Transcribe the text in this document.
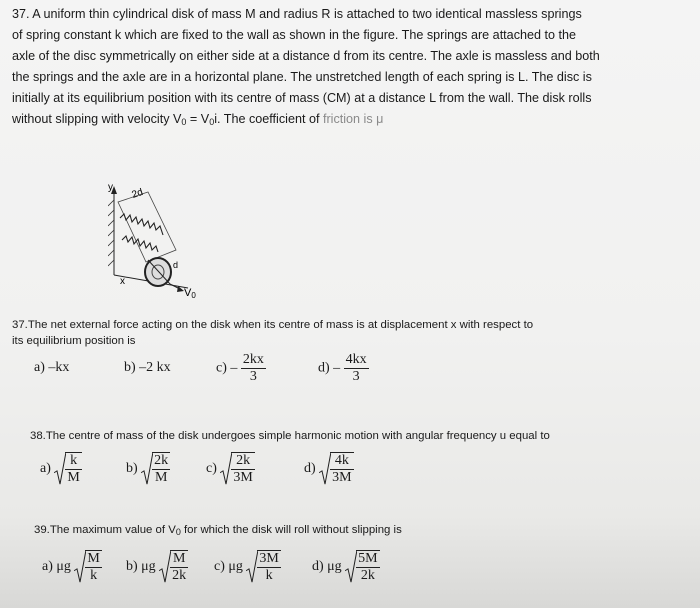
37. A uniform thin cylindrical disk of mass M and radius R is attached to two identical massless springs
of spring constant k which are fixed to the wall as shown in the figure. The springs are attached to the
axle of the disc symmetrically on either side at a distance d from its centre. The axle is massless and both
the springs and the axle are in a horizontal plane. The unstretched length of each spring is L. The disc is
initially at its equilibrium position with its centre of mass (CM) at a distance L from the wall. The disk rolls
without slipping with velocity $V_0 = V_0i$. The coefficient of friction is μ
y 2d
d
x
V0
37.The net external force acting on the disk when its centre of mass is at displacement x with respect to
its equilibrium position is
a) –kx	b) –2 kx	$c) - \frac{2kx}{3}$	$d) - \frac{4kx}{3}$
38.The centre of mass of the disk undergoes simple harmonic motion with angular frequency u equal to
$a) \frac{k}{M}$	$b) \frac{2k}{M}$	$c) \frac{2k}{3M}$	$d) \frac{4k}{3M}$
39.The maximum value of $V_0$ for which the disk will roll without slipping is
a) μg $\frac{M}{k} b$) μg $\frac{M}{2k} c$) μg $\frac{3M}{k} d$) μg $\frac{5M}{2k}$
